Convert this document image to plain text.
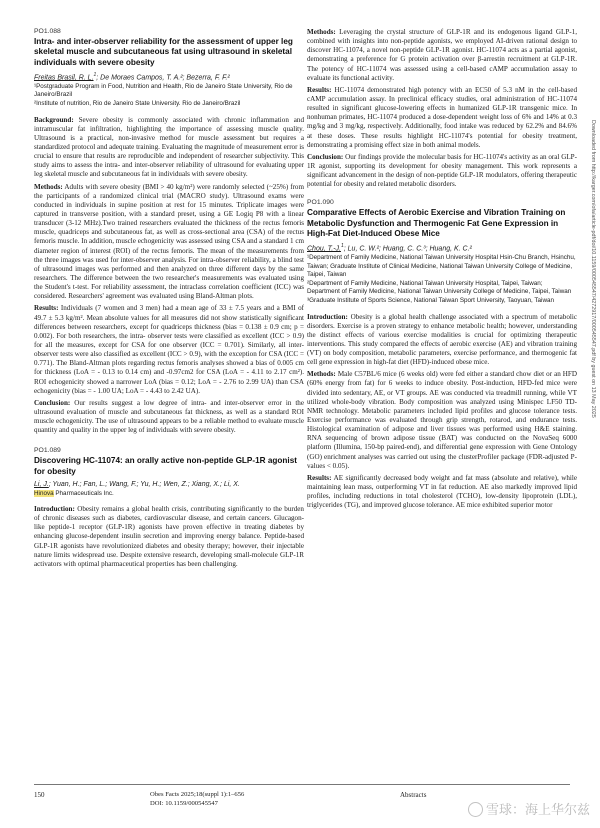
PO1.088
Intra- and inter-observer reliability for the assessment of upper leg skeletal muscle and subcutaneous fat using ultrasound in skeletal individuals with severe obesity
Freitas Brasil, R. L.$^1$; De Moraes Campos, T. A.²; Bezerra, F. F.²
¹Postgraduate Program in Food, Nutrition and Health, Rio de Janeiro State University, Rio de Janeiro/Brazil
²Institute of nutrition, Rio de Janeiro State University. Rio de Janeiro/Brazil

Background: Severe obesity is commonly associated with chronic inflammation and intramuscular fat infiltration, highlighting the importance of assessing muscle quality. Ultrasound is a practical, non-invasive method for muscle assessment but requires a standardized protocol and adequate training. Evaluating the magnitude of measurement error is crucial to ensure that results are reproducible and independent of researcher subjectivity. This study aims to assess the intra- and inter-observer reliability of ultrasound for evaluating upper leg skeletal muscle and subcutaneous fat in individuals with severe obesity.

Methods: Adults with severe obesity (BMI > 40 kg/m²) were randomly selected (~25%) from the participants of a randomized clinical trial (MACRO study). Ultrasound exams were conducted in individuals in supine position at rest for 15 minutes. Triplicate images were captured in transverse position, with a standard preset, using a GE Logiq P8 with a linear transducer (3-12 MHz).Two trained researchers evaluated the thickness of the rectus femoris muscle, quadriceps and subcutaneous fat, as well as cross-sectional area (CSA) of the rectus femoris muscle. In addition, muscle echogenicity was assessed using CSA and a standard 1 cm diameter region of interest (ROI) of the rectus femoris. The mean of the measurements from the three images was used for inter-observer analysis. For intra-observer reliability, a blind test of ultrasound images was performed and then analyzed on three different days by the same researchers. The difference between the two researcher's measurements was evaluated using the Student's t-test. For reliability assessment, the intraclass correlation coefficient (ICC) was considered. Researchers' agreement was evaluated using Bland-Altman plots.

Results: Individuals (7 women and 3 men) had a mean age of 33 ± 7.5 years and a BMI of 49.7 ± 5.3 kg/m². Mean absolute values for all measures did not show statistically significant differences between researchers, except for quadriceps thickness (bias = 0.138 ± 0.9 cm; p = 0.002). For both researchers, the intra- observer tests were classified as excellent (ICC > 0.9) for all the measures, except for CSA for one observer (ICC = 0.701). Similarly, all inter-observer tests were also classified as excellent (ICC > 0.9), with the exception for CSA (ICC = 0.771). The Bland-Altman plots regarding rectus femoris analyses showed a bias of 0.005 cm for thickness (LoA = - 0.13 to 0.14 cm) and -0.97cm2 for CSA (LoA = - 4.11 to 2.17 cm²). ROI echogenicity showed a narrower LoA (bias = 0.12; LoA = - 2.76 to 2.99 UA) than CSA echogenicity (bias = - 1.00 UA; LoA = - 4.43 to 2.42 UA).

Conclusion: Our results suggest a low degree of intra- and inter-observer error in the ultrasound evaluation of muscle and subcutaneous fat thickness, as well as a standard ROI muscle echogenicity. The use of ultrasound appears to be a reliable method to evaluate muscle quantity and quality in the upper leg of individuals with severe obesity.

PO1.089
Discovering HC-11074: an orally active non-peptide GLP-1R agonist for obesity
Li, J.; Yuan, H.; Fan, L.; Wang, F.; Yu, H.; Wen, Z.; Xiang, X.; Li, X.
Hinova Pharmaceuticals Inc.

Introduction: Obesity remains a global health crisis, contributing significantly to the burden of chronic diseases such as diabetes, cardiovascular disease, and certain cancers. Glucagon-like peptide-1 receptor (GLP-1R) agonists have proven effective in treating diabetes by enhancing glucose-dependent insulin secretion and improving energy balance. Peptide-based GLP-1R agonists have revolutionized diabetes and obesity therapy; however, their injectable nature limits widespread use. Despite extensive research, developing small-molecule GLP-1R activators with optimal pharmaceutical properties has been challenging.

Methods: Leveraging the crystal structure of GLP-1R and its endogenous ligand GLP-1, combined with insights into non-peptide agonists, we employed AI-driven rational design to discover HC-11074, a novel non-peptide GLP-1R agonist. HC-11074 acts as a partial agonist, demonstrating a preference for G protein activation over β-arrestin recruitment at GLP-1R. The potency of HC-11074 was assessed using a cell-based cAMP accumulation assay to evaluate its functional activity.

Results: HC-11074 demonstrated high potency with an EC50 of 5.3 nM in the cell-based cAMP accumulation assay. In preclinical efficacy studies, oral administration of HC-11074 resulted in significant glucose-lowering effects in humanized GLP-1R transgenic mice. In nonhuman primates, HC-11074 produced a dose-dependent weight loss of 6% and 14% at 0.3 mg/kg and 3 mg/kg, respectively. Additionally, food intake was reduced by 62.2% and 84.6% at these doses. These results highlight HC-11074's potential for obesity treatment, demonstrating a promising effect size in both animal models.

Conclusion: Our findings provide the molecular basis for HC-11074's activity as an oral GLP-1R agonist, supporting its development for obesity management. This work represents a significant advancement in the design of non-peptide GLP-1R modulators, offering therapeutic potential for obesity and related metabolic disorders.

PO1.090
Comparative Effects of Aerobic Exercise and Vibration Training on Metabolic Dysfunction and Thermogenic Fat Gene Expression in High-Fat Diet-Induced Obese Mice
Chou, T.-J.$^1$; Lu, C. W.²; Huang, C. C.³; Huang, K. C.²
¹Department of Family Medicine, National Taiwan University Hospital Hsin-Chu Branch, Hsinchu, Taiwan; Graduate Institute of Clinical Medicine, National Taiwan University College of Medicine, Taipei, Taiwan
²Department of Family Medicine, National Taiwan University Hospital, Taipei, Taiwan; Department of Family Medicine, National Taiwan University College of Medicine, Taipei, Taiwan
³Graduate Institute of Sports Science, National Taiwan Sport University, Taoyuan, Taiwan

Introduction: Obesity is a global health challenge associated with a spectrum of metabolic disorders. Exercise is a proven strategy to enhance metabolic health; however, understanding the distinct effects of various exercise modalities is crucial for optimizing therapeutic interventions. This study compared the effects of aerobic exercise (AE) and vibration training (VT) on body composition, metabolic parameters, exercise performance, and thermogenic fat cell gene expression in high-fat diet (HFD)-induced obese mice.

Methods: Male C57BL/6 mice (6 weeks old) were fed either a standard chow diet or an HFD (60% energy from fat) for 6 weeks to induce obesity. Post-induction, HFD-fed mice were divided into sedentary, AE, or VT groups. AE was conducted via treadmill running, while VT utilized whole-body vibration. Body composition was analyzed using Minispec LF50 TD-NMR technology. Metabolic parameters included lipid profiles and glucose tolerance tests. Exercise performance was evaluated through grip strength, rotarod, and endurance tests. Histological examination of adipose and liver tissues was performed using H&E staining. RNA sequencing of brown adipose tissue (BAT) was conducted on the NovaSeq 6000 platform (Illumina, 150-bp paired-end), and differential gene expression with Gene Ontology (GO) enrichment analyses was carried out using the clusterProfiler package (FDR-adjusted P-values < 0.05).

Results: AE significantly decreased body weight and fat mass (absolute and relative), while maintaining lean mass, outperforming VT in fat reduction. AE also markedly improved lipid profiles, including reductions in total cholesterol (TCHO), low-density lipoprotein (LDL), triglycerides (TG), and improved glucose tolerance. AE mice exhibited superior motor

Downloaded from http://karger.com/ofa/article-pdf/doi/10.1159/000545547/4272917/000545547.pdf by guest on 13 May 2025
150	Obes Facts 2025;18(suppl 1):1–656
DOI: 10.1159/000545547
Abstracts
雪球：海上华尔兹
